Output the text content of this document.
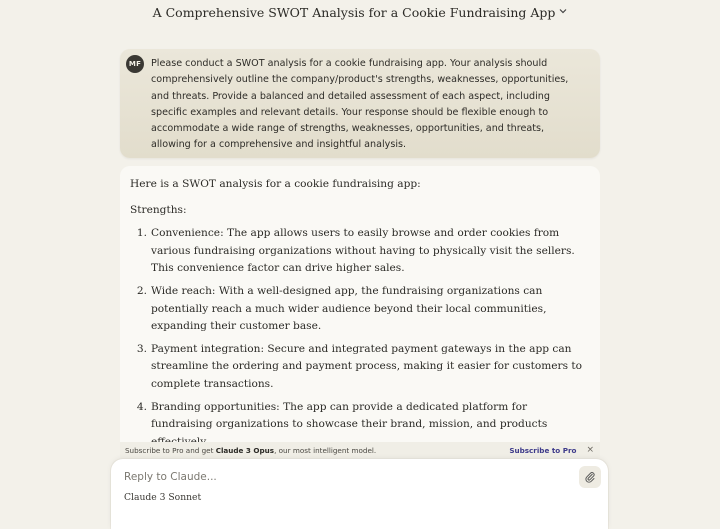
A Comprehensive SWOT Analysis for a Cookie Fundraising App
MF	Please conduct a SWOT analysis for a cookie fundraising app. Your analysis should comprehensively outline the company/product's strengths, weaknesses, opportunities, and threats. Provide a balanced and detailed assessment of each aspect, including specific examples and relevant details. Your response should be flexible enough to accommodate a wide range of strengths, weaknesses, opportunities, and threats, allowing for a comprehensive and insightful analysis.

Here is a SWOT analysis for a cookie fundraising app:

Strengths:

1. Convenience: The app allows users to easily browse and order cookies from various fundraising organizations without having to physically visit the sellers. This convenience factor can drive higher sales.
2. Wide reach: With a well-designed app, the fundraising organizations can potentially reach a much wider audience beyond their local communities, expanding their customer base.
3. Payment integration: Secure and integrated payment gateways in the app can streamline the ordering and payment process, making it easier for customers to complete transactions.
4. Branding opportunities: The app can provide a dedicated platform for fundraising organizations to showcase their brand, mission, and products
Subscribe to Pro and get Claude 3 Opus, our most intelligent model.	Subscribe to Pro ×
Reply to Claude...
Claude 3 Sonnet
